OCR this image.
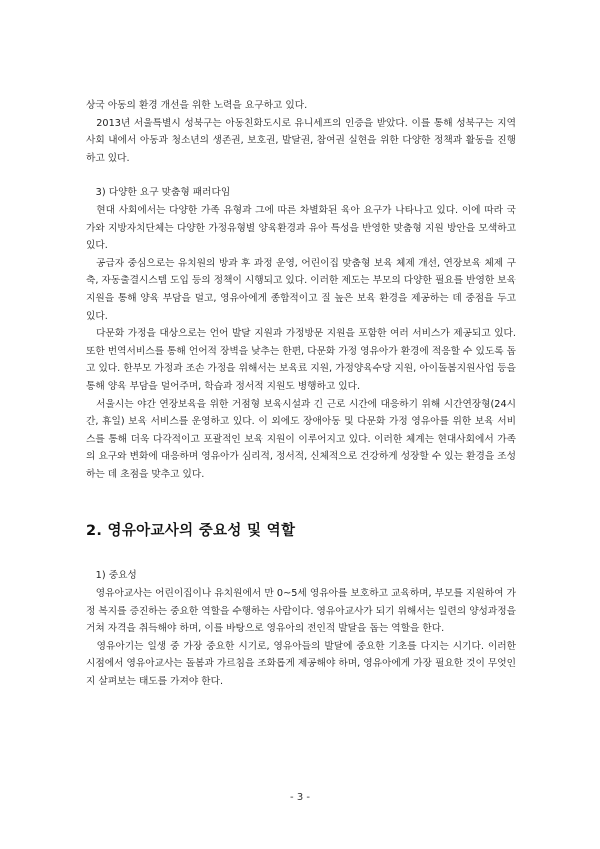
상국 아동의 환경 개선을 위한 노력을 요구하고 있다.

　2013년 서울특별시 성북구는 아동친화도시로 유니세프의 인증을 받았다. 이를 통해 성북구는 지역사회 내에서 아동과 청소년의 생존권, 보호권, 발달권, 참여권 실현을 위한 다양한 정책과 활동을 진행하고 있다.

　3) 다양한 요구 맞춤형 패러다임

　현대 사회에서는 다양한 가족 유형과 그에 따른 차별화된 육아 요구가 나타나고 있다. 이에 따라 국가와 지방자치단체는 다양한 가정유형별 양육환경과 유아 특성을 반영한 맞춤형 지원 방안을 모색하고 있다.

　공급자 중심으로는 유치원의 방과 후 과정 운영, 어린이집 맞춤형 보육 체제 개선, 연장보육 체제 구축, 자동출결시스템 도입 등의 정책이 시행되고 있다. 이러한 제도는 부모의 다양한 필요를 반영한 보육 지원을 통해 양육 부담을 덜고, 영유아에게 종합적이고 질 높은 보육 환경을 제공하는 데 중점을 두고 있다.

　다문화 가정을 대상으로는 언어 발달 지원과 가정방문 지원을 포함한 여러 서비스가 제공되고 있다. 또한 번역서비스를 통해 언어적 장벽을 낮추는 한편, 다문화 가정 영유아가 환경에 적응할 수 있도록 돕고 있다. 한부모 가정과 조손 가정을 위해서는 보육료 지원, 가정양육수당 지원, 아이돌봄지원사업 등을 통해 양육 부담을 덜어주며, 학습과 정서적 지원도 병행하고 있다.

　서울시는 야간 연장보육을 위한 거점형 보육시설과 긴 근로 시간에 대응하기 위해 시간연장형(24시간, 휴일) 보육 서비스를 운영하고 있다. 이 외에도 장애아동 및 다문화 가정 영유아를 위한 보육 서비스를 통해 더욱 다각적이고 포괄적인 보육 지원이 이루어지고 있다. 이러한 체계는 현대사회에서 가족의 요구와 변화에 대응하며 영유아가 심리적, 정서적, 신체적으로 건강하게 성장할 수 있는 환경을 조성하는 데 초점을 맞추고 있다.

2. 영유아교사의 중요성 및 역할

　1) 중요성

　영유아교사는 어린이집이나 유치원에서 만 0~5세 영유아를 보호하고 교육하며, 부모를 지원하여 가정 복지를 증진하는 중요한 역할을 수행하는 사람이다. 영유아교사가 되기 위해서는 일련의 양성과정을 거쳐 자격을 취득해야 하며, 이를 바탕으로 영유아의 전인적 발달을 돕는 역할을 한다.

　영유아기는 일생 중 가장 중요한 시기로, 영유아들의 발달에 중요한 기초를 다지는 시기다. 이러한 시점에서 영유아교사는 돌봄과 가르침을 조화롭게 제공해야 하며, 영유아에게 가장 필요한 것이 무엇인지 살펴보는 태도를 가져야 한다.

- 3 -
